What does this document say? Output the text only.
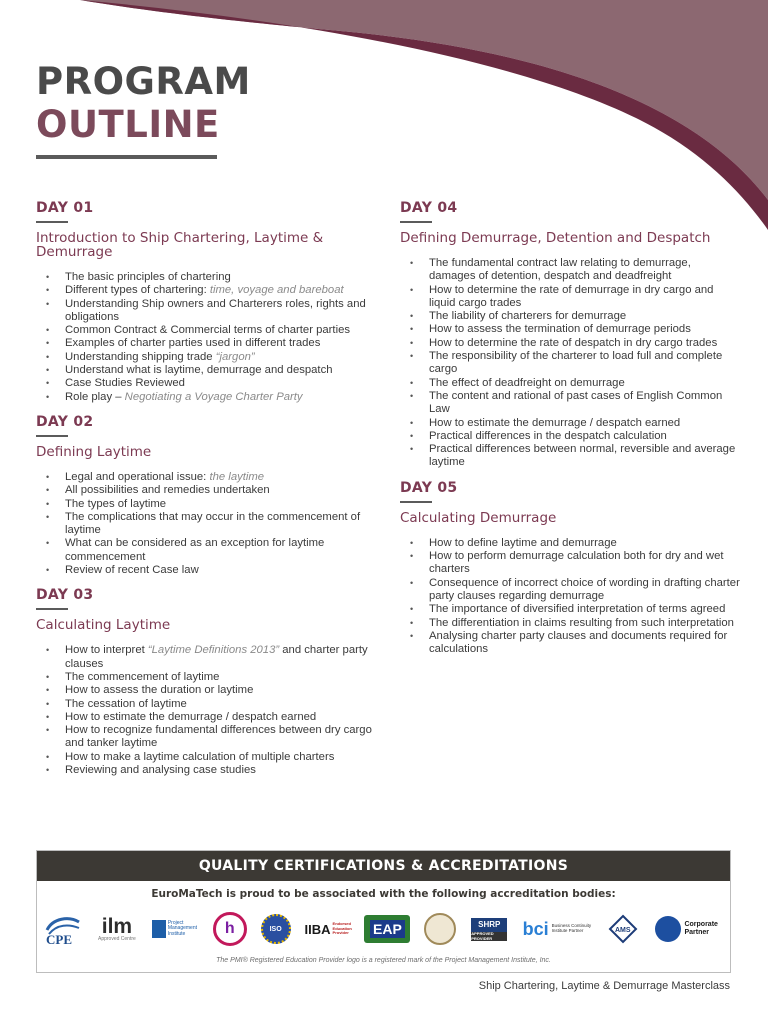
PROGRAM
OUTLINE
DAY 01
Introduction to Ship Chartering, Laytime & Demurrage
• The basic principles of chartering
• Different types of chartering: time, voyage and bareboat
• Understanding Ship owners and Charterers roles, rights and obligations
• Common Contract & Commercial terms of charter parties
• Examples of charter parties used in different trades
• Understanding shipping trade “jargon”
• Understand what is laytime, demurrage and despatch
• Case Studies Reviewed
• Role play – Negotiating a Voyage Charter Party
DAY 02
Defining Laytime
• Legal and operational issue: the laytime
• All possibilities and remedies undertaken
• The types of laytime
• The complications that may occur in the commencement of laytime
• What can be considered as an exception for laytime commencement
• Review of recent Case law
DAY 03
Calculating Laytime
• How to interpret “Laytime Definitions 2013” and charter party clauses
• The commencement of laytime
• How to assess the duration or laytime
• The cessation of laytime
• How to estimate the demurrage / despatch earned
• How to recognize fundamental differences between dry cargo and tanker laytime
• How to make a laytime calculation of multiple charters
• Reviewing and analysing case studies
DAY 04
Defining Demurrage, Detention and Despatch
• The fundamental contract law relating to demurrage, damages of detention, despatch and deadfreight
• How to determine the rate of demurrage in dry cargo and liquid cargo trades
• The liability of charterers for demurrage
• How to assess the termination of demurrage periods
• How to determine the rate of despatch in dry cargo trades
• The responsibility of the charterer to load full and complete cargo
• The effect of deadfreight on demurrage
• The content and rational of past cases of English Common Law
• How to estimate the demurrage / despatch earned
• Practical differences in the despatch calculation
• Practical differences between normal, reversible and average laytime
DAY 05
Calculating Demurrage
• How to define laytime and demurrage
• How to perform demurrage calculation both for dry and wet charters
• Consequence of incorrect choice of wording in drafting charter party clauses regarding demurrage
• The importance of diversified interpretation of terms agreed
• The differentiation in claims resulting from such interpretation
• Analysing charter party clauses and documents required for calculations
QUALITY CERTIFICATIONS & ACCREDITATIONS
EuroMaTech is proud to be associated with the following accreditation bodies:
CPE
ilm
Approved Centre
Project Management Institute	h	ISO IIBA Endorsed Education Provider EAP	SHRP
APPROVED PROVIDER	bci Business Continuity Institute Partner	AMS
Corporate Partner
The PMI® Registered Education Provider logo is a registered mark of the Project Management Institute, Inc.
Ship Chartering, Laytime & Demurrage Masterclass
